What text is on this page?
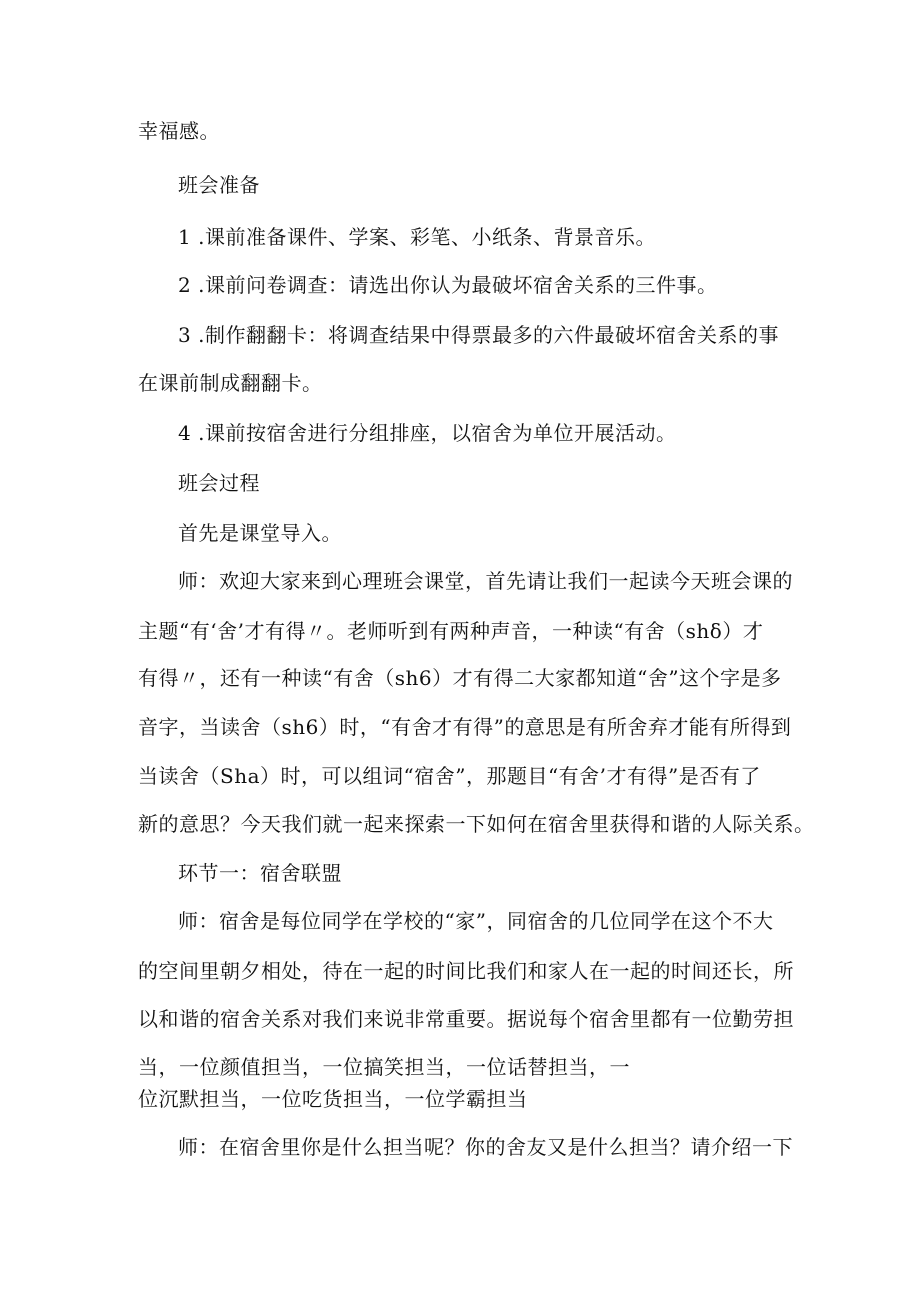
幸福感。
班会准备
1 .课前准备课件、学案、彩笔、小纸条、背景音乐。
2 .课前问卷调查：请选出你认为最破坏宿舍关系的三件事。
3 .制作翻翻卡：将调查结果中得票最多的六件最破坏宿舍关系的事
在课前制成翻翻卡。
4 .课前按宿舍进行分组排座，以宿舍为单位开展活动。
班会过程
首先是课堂导入。
师：欢迎大家来到心理班会课堂，首先请让我们一起读今天班会课的
主题“有‘舍’才有得〃。老师听到有两种声音，一种读“有舍（shδ）才
有得〃，还有一种读“有舍（sh6）才有得二大家都知道“舍”这个字是多
音字，当读舍（sh6）时，“有舍才有得”的意思是有所舍弃才能有所得到
当读舍（Sha）时，可以组词“宿舍”，那题目“有舍’才有得”是否有了
新的意思？今天我们就一起来探索一下如何在宿舍里获得和谐的人际关系。
环节一：宿舍联盟
师：宿舍是每位同学在学校的“家”，同宿舍的几位同学在这个不大
的空间里朝夕相处，待在一起的时间比我们和家人在一起的时间还长，所
以和谐的宿舍关系对我们来说非常重要。据说每个宿舍里都有一位勤劳担
当，一位颜值担当，一位搞笑担当，一位话替担当，一
位沉默担当，一位吃货担当，一位学霸担当
师：在宿舍里你是什么担当呢？你的舍友又是什么担当？请介绍一下
